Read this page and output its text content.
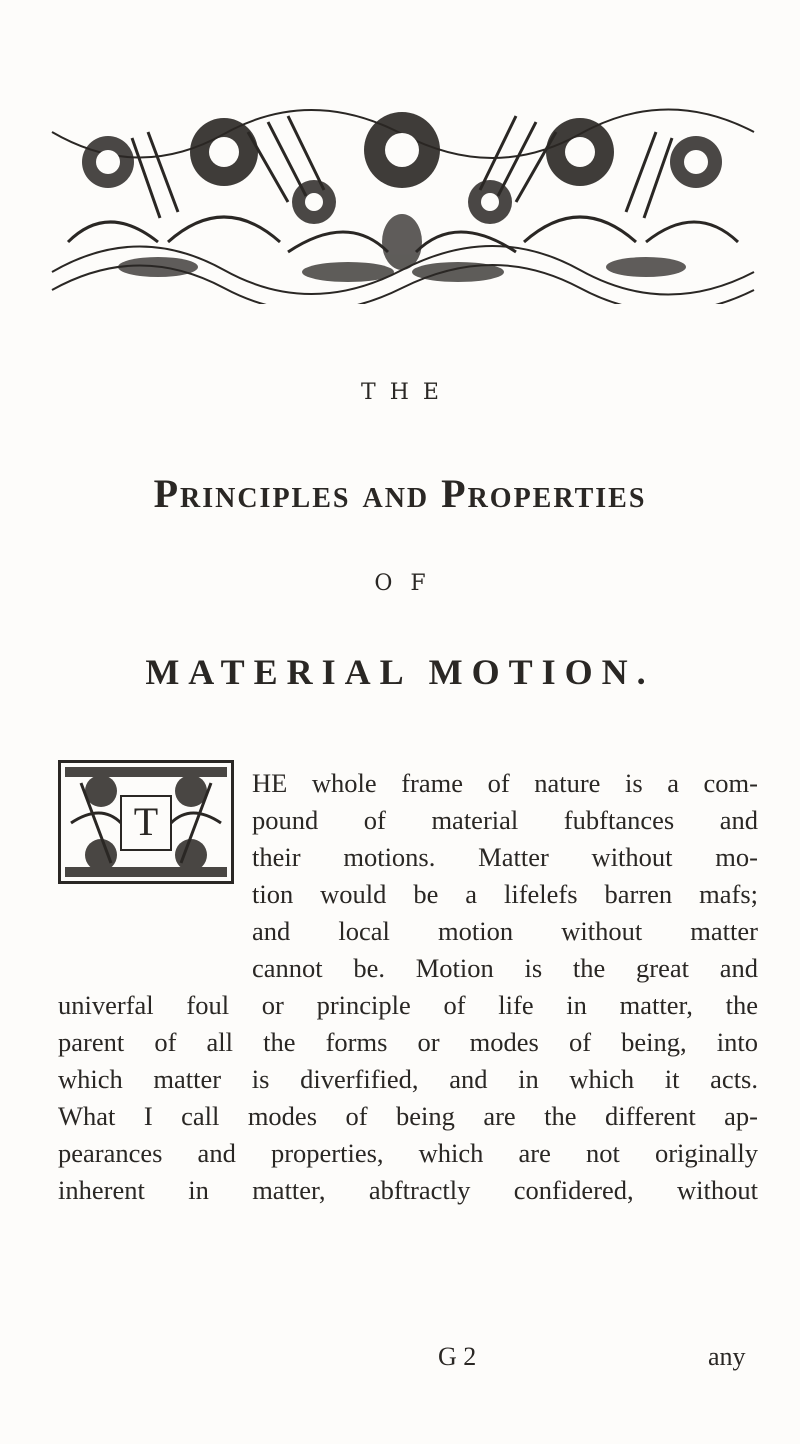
THE
Principles and Properties
OF
MATERIAL MOTION.
T
HE whole frame of nature is a com-
pound of material fubftances and
their motions. Matter without mo-
tion would be a lifelefs barren mafs;
and local motion without matter
cannot be. Motion is the great and
univerfal foul or principle of life in matter, the
parent of all the forms or modes of being, into
which matter is diverfified, and in which it acts.
What I call modes of being are the different ap-
pearances and properties, which are not originally
inherent in matter, abftractly confidered, without
G 2	any
